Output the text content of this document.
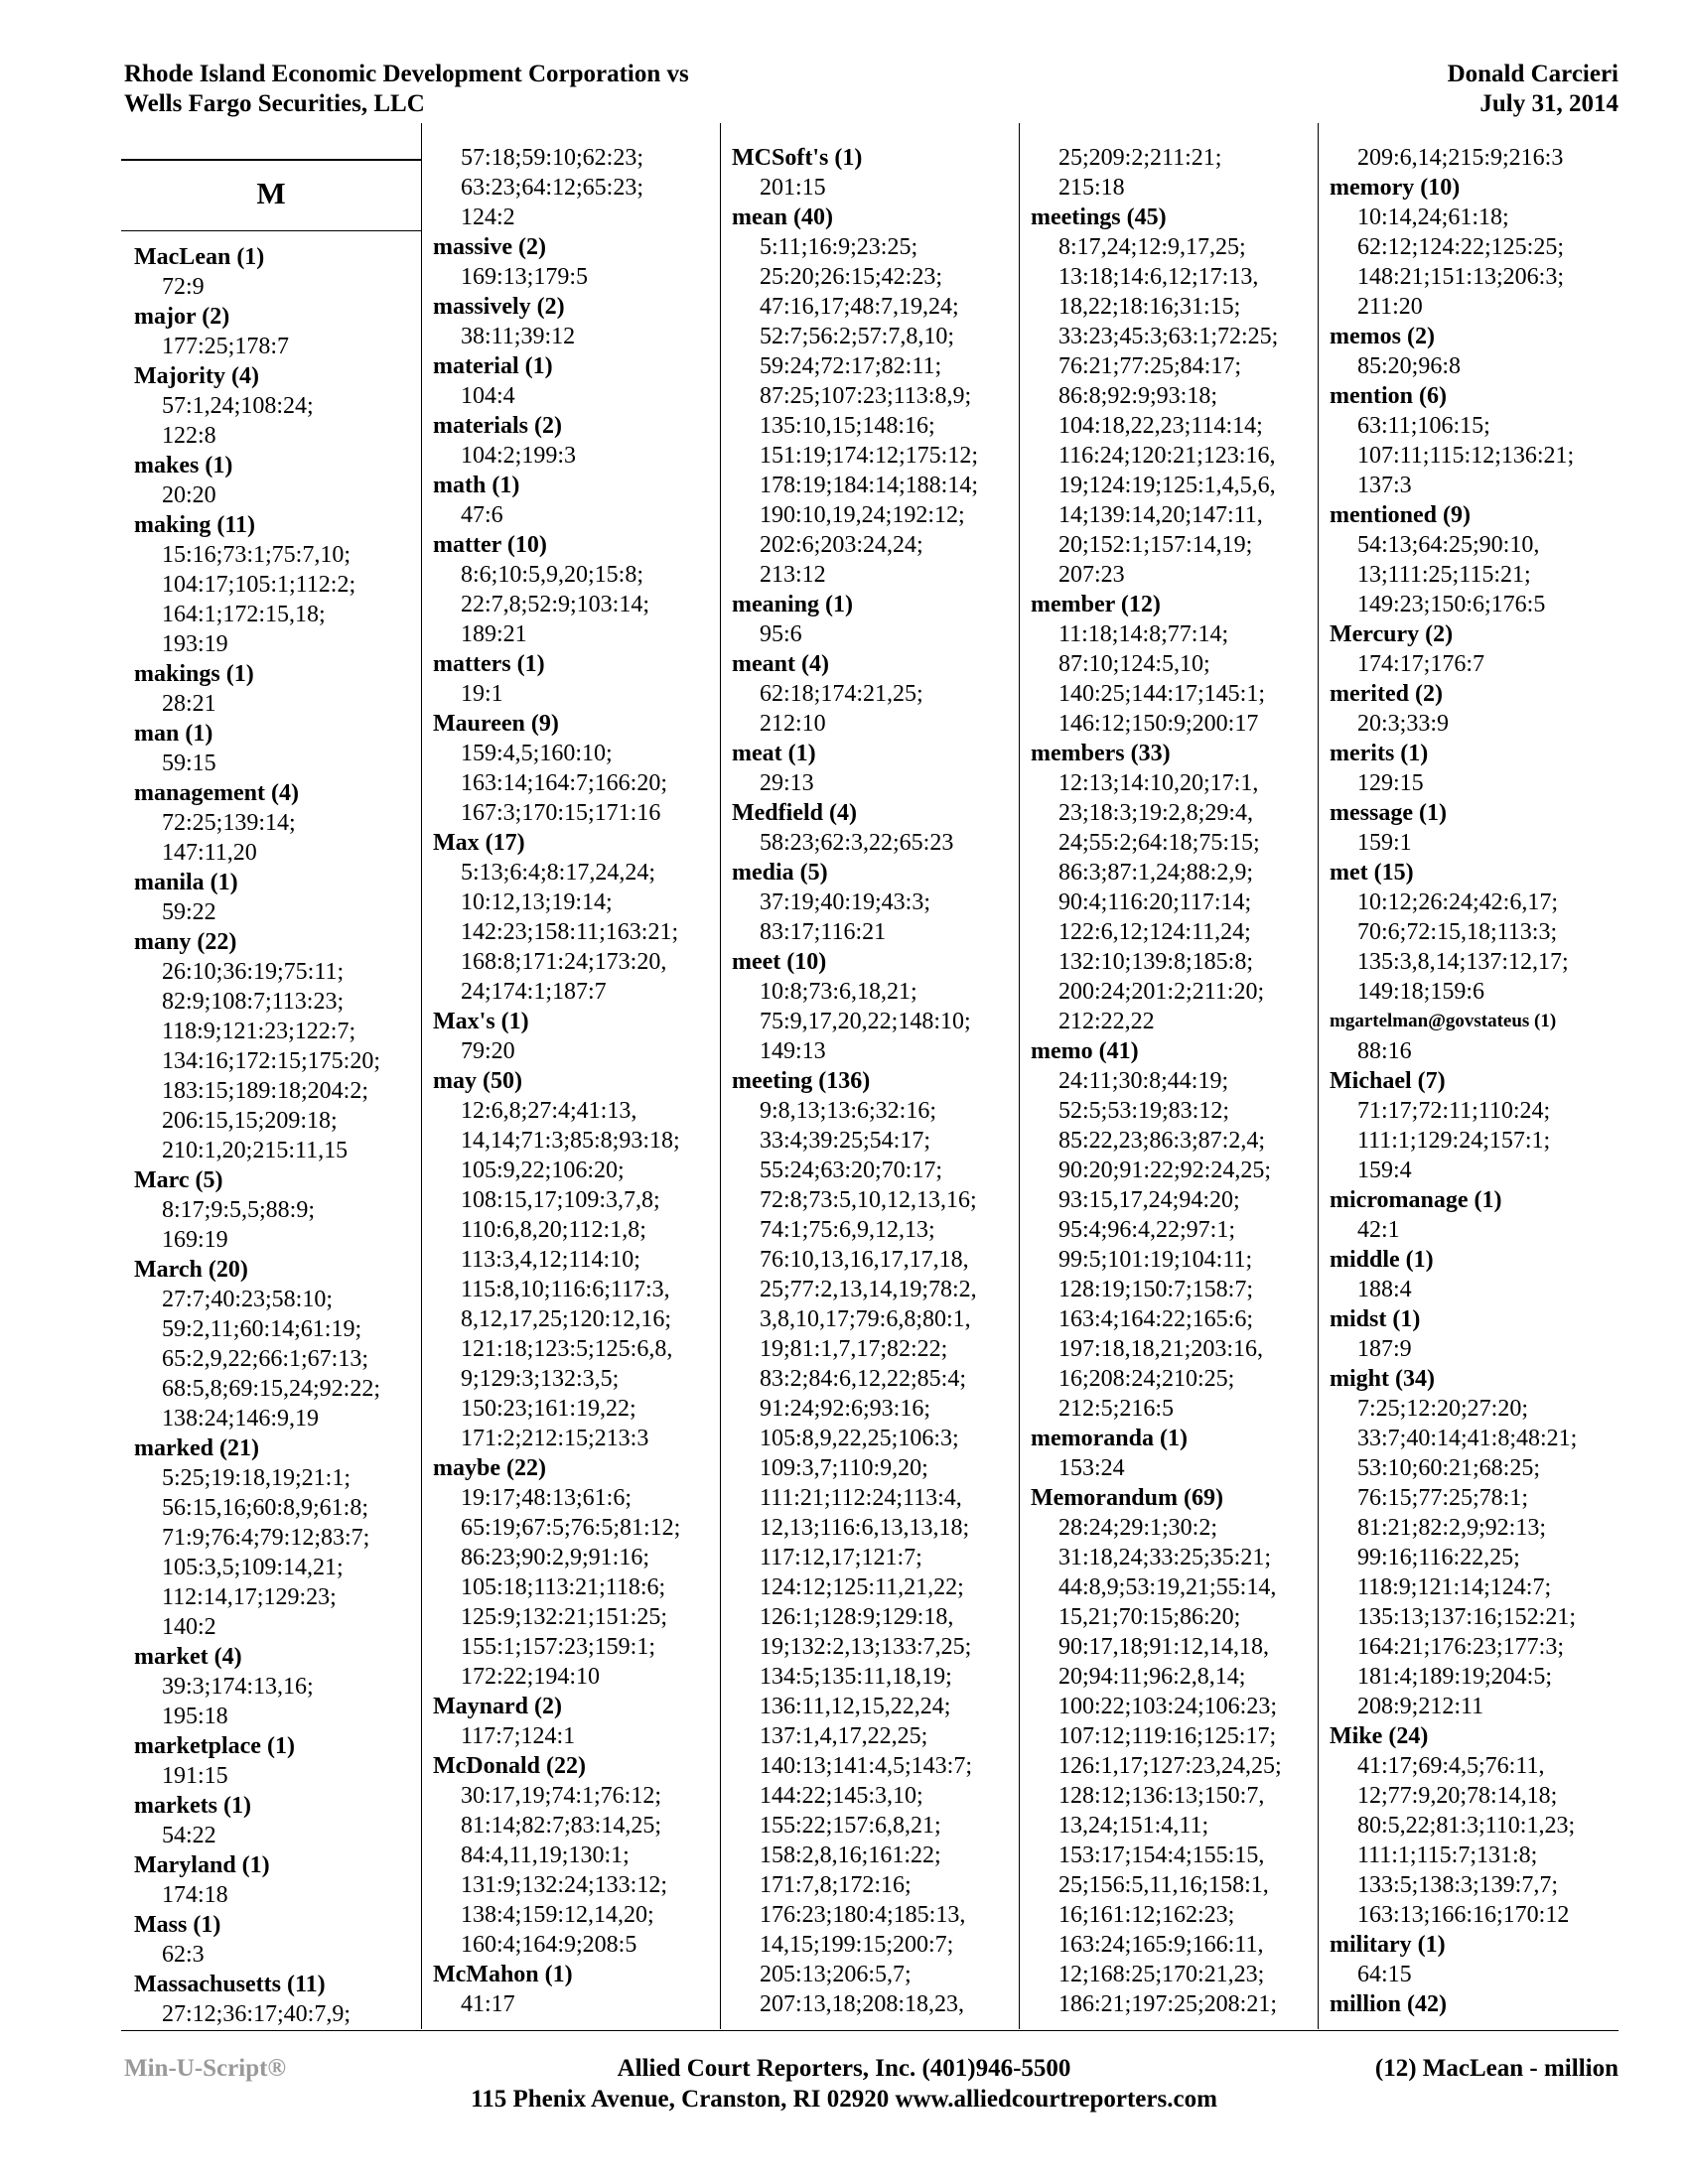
Rhode Island Economic Development Corporation vs
Wells Fargo Securities, LLC
Donald Carcieri
July 31, 2014
M
MacLean (1)
72:9
major (2)
177:25;178:7
Majority (4)
57:1,24;108:24;
122:8
makes (1)
20:20
making (11)
15:16;73:1;75:7,10;
104:17;105:1;112:2;
164:1;172:15,18;
193:19
makings (1)
28:21
man (1)
59:15
management (4)
72:25;139:14;
147:11,20
manila (1)
59:22
many (22)
26:10;36:19;75:11;
82:9;108:7;113:23;
118:9;121:23;122:7;
134:16;172:15;175:20;
183:15;189:18;204:2;
206:15,15;209:18;
210:1,20;215:11,15
Marc (5)
8:17;9:5,5;88:9;
169:19
March (20)
27:7;40:23;58:10;
59:2,11;60:14;61:19;
65:2,9,22;66:1;67:13;
68:5,8;69:15,24;92:22;
138:24;146:9,19
marked (21)
5:25;19:18,19;21:1;
56:15,16;60:8,9;61:8;
71:9;76:4;79:12;83:7;
105:3,5;109:14,21;
112:14,17;129:23;
140:2
market (4)
39:3;174:13,16;
195:18
marketplace (1)
191:15
markets (1)
54:22
Maryland (1)
174:18
Mass (1)
62:3
Massachusetts (11)
27:12;36:17;40:7,9;
57:18;59:10;62:23;
63:23;64:12;65:23;
124:2
massive (2)
169:13;179:5
massively (2)
38:11;39:12
material (1)
104:4
materials (2)
104:2;199:3
math (1)
47:6
matter (10)
8:6;10:5,9,20;15:8;
22:7,8;52:9;103:14;
189:21
matters (1)
19:1
Maureen (9)
159:4,5;160:10;
163:14;164:7;166:20;
167:3;170:15;171:16
Max (17)
5:13;6:4;8:17,24,24;
10:12,13;19:14;
142:23;158:11;163:21;
168:8;171:24;173:20,
24;174:1;187:7
Max's (1)
79:20
may (50)
12:6,8;27:4;41:13,
14,14;71:3;85:8;93:18;
105:9,22;106:20;
108:15,17;109:3,7,8;
110:6,8,20;112:1,8;
113:3,4,12;114:10;
115:8,10;116:6;117:3,
8,12,17,25;120:12,16;
121:18;123:5;125:6,8,
9;129:3;132:3,5;
150:23;161:19,22;
171:2;212:15;213:3
maybe (22)
19:17;48:13;61:6;
65:19;67:5;76:5;81:12;
86:23;90:2,9;91:16;
105:18;113:21;118:6;
125:9;132:21;151:25;
155:1;157:23;159:1;
172:22;194:10
Maynard (2)
117:7;124:1
McDonald (22)
30:17,19;74:1;76:12;
81:14;82:7;83:14,25;
84:4,11,19;130:1;
131:9;132:24;133:12;
138:4;159:12,14,20;
160:4;164:9;208:5
McMahon (1)
41:17
MCSoft's (1)
201:15
mean (40)
5:11;16:9;23:25;
25:20;26:15;42:23;
47:16,17;48:7,19,24;
52:7;56:2;57:7,8,10;
59:24;72:17;82:11;
87:25;107:23;113:8,9;
135:10,15;148:16;
151:19;174:12;175:12;
178:19;184:14;188:14;
190:10,19,24;192:12;
202:6;203:24,24;
213:12
meaning (1)
95:6
meant (4)
62:18;174:21,25;
212:10
meat (1)
29:13
Medfield (4)
58:23;62:3,22;65:23
media (5)
37:19;40:19;43:3;
83:17;116:21
meet (10)
10:8;73:6,18,21;
75:9,17,20,22;148:10;
149:13
meeting (136)
9:8,13;13:6;32:16;
33:4;39:25;54:17;
55:24;63:20;70:17;
72:8;73:5,10,12,13,16;
74:1;75:6,9,12,13;
76:10,13,16,17,17,18,
25;77:2,13,14,19;78:2,
3,8,10,17;79:6,8;80:1,
19;81:1,7,17;82:22;
83:2;84:6,12,22;85:4;
91:24;92:6;93:16;
105:8,9,22,25;106:3;
109:3,7;110:9,20;
111:21;112:24;113:4,
12,13;116:6,13,13,18;
117:12,17;121:7;
124:12;125:11,21,22;
126:1;128:9;129:18,
19;132:2,13;133:7,25;
134:5;135:11,18,19;
136:11,12,15,22,24;
137:1,4,17,22,25;
140:13;141:4,5;143:7;
144:22;145:3,10;
155:22;157:6,8,21;
158:2,8,16;161:22;
171:7,8;172:16;
176:23;180:4;185:13,
14,15;199:15;200:7;
205:13;206:5,7;
207:13,18;208:18,23,
25;209:2;211:21;
215:18
meetings (45)
8:17,24;12:9,17,25;
13:18;14:6,12;17:13,
18,22;18:16;31:15;
33:23;45:3;63:1;72:25;
76:21;77:25;84:17;
86:8;92:9;93:18;
104:18,22,23;114:14;
116:24;120:21;123:16,
19;124:19;125:1,4,5,6,
14;139:14,20;147:11,
20;152:1;157:14,19;
207:23
member (12)
11:18;14:8;77:14;
87:10;124:5,10;
140:25;144:17;145:1;
146:12;150:9;200:17
members (33)
12:13;14:10,20;17:1,
23;18:3;19:2,8;29:4,
24;55:2;64:18;75:15;
86:3;87:1,24;88:2,9;
90:4;116:20;117:14;
122:6,12;124:11,24;
132:10;139:8;185:8;
200:24;201:2;211:20;
212:22,22
memo (41)
24:11;30:8;44:19;
52:5;53:19;83:12;
85:22,23;86:3;87:2,4;
90:20;91:22;92:24,25;
93:15,17,24;94:20;
95:4;96:4,22;97:1;
99:5;101:19;104:11;
128:19;150:7;158:7;
163:4;164:22;165:6;
197:18,18,21;203:16,
16;208:24;210:25;
212:5;216:5
memoranda (1)
153:24
Memorandum (69)
28:24;29:1;30:2;
31:18,24;33:25;35:21;
44:8,9;53:19,21;55:14,
15,21;70:15;86:20;
90:17,18;91:12,14,18,
20;94:11;96:2,8,14;
100:22;103:24;106:23;
107:12;119:16;125:17;
126:1,17;127:23,24,25;
128:12;136:13;150:7,
13,24;151:4,11;
153:17;154:4;155:15,
25;156:5,11,16;158:1,
16;161:12;162:23;
163:24;165:9;166:11,
12;168:25;170:21,23;
186:21;197:25;208:21;
209:6,14;215:9;216:3
memory (10)
10:14,24;61:18;
62:12;124:22;125:25;
148:21;151:13;206:3;
211:20
memos (2)
85:20;96:8
mention (6)
63:11;106:15;
107:11;115:12;136:21;
137:3
mentioned (9)
54:13;64:25;90:10,
13;111:25;115:21;
149:23;150:6;176:5
Mercury (2)
174:17;176:7
merited (2)
20:3;33:9
merits (1)
129:15
message (1)
159:1
met (15)
10:12;26:24;42:6,17;
70:6;72:15,18;113:3;
135:3,8,14;137:12,17;
149:18;159:6
mgartelman@govstateus (1)
88:16
Michael (7)
71:17;72:11;110:24;
111:1;129:24;157:1;
159:4
micromanage (1)
42:1
middle (1)
188:4
midst (1)
187:9
might (34)
7:25;12:20;27:20;
33:7;40:14;41:8;48:21;
53:10;60:21;68:25;
76:15;77:25;78:1;
81:21;82:2,9;92:13;
99:16;116:22,25;
118:9;121:14;124:7;
135:13;137:16;152:21;
164:21;176:23;177:3;
181:4;189:19;204:5;
208:9;212:11
Mike (24)
41:17;69:4,5;76:11,
12;77:9,20;78:14,18;
80:5,22;81:3;110:1,23;
111:1;115:7;131:8;
133:5;138:3;139:7,7;
163:13;166:16;170:12
military (1)
64:15
million (42)
Min-U-Script®	Allied Court Reporters, Inc. (401)946-5500
115 Phenix Avenue, Cranston, RI 02920 www.alliedcourtreporters.com
(12) MacLean - million
